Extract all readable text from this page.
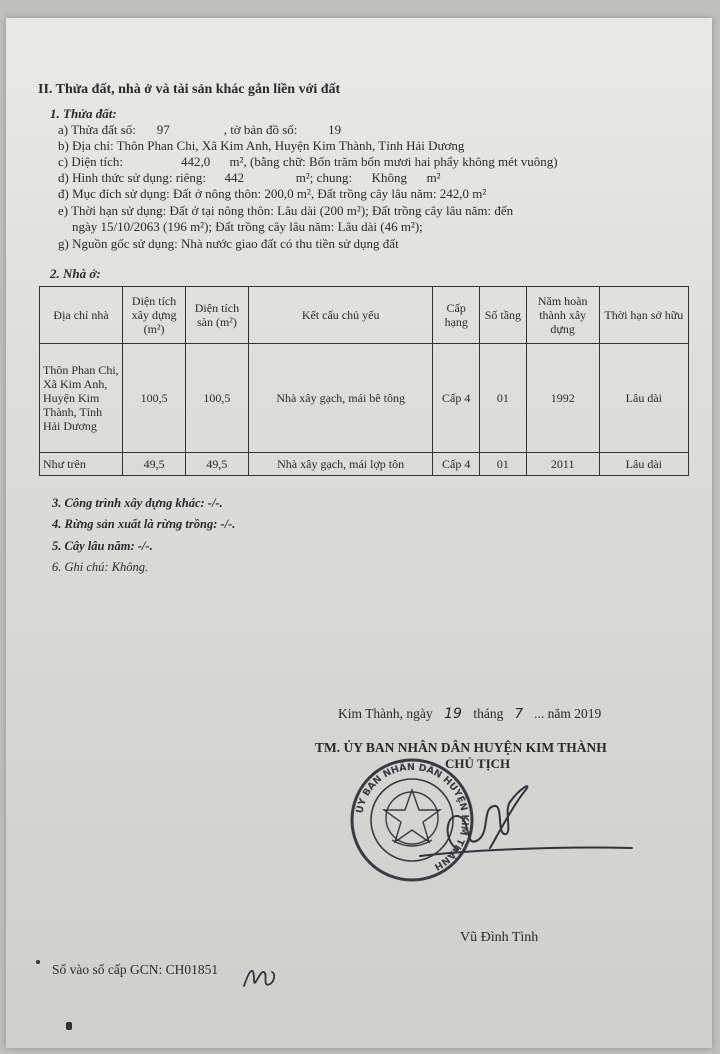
II. Thửa đất, nhà ở và tài sản khác gắn liền với đất
1. Thửa đất:
a) Thửa đất số: 97	, tờ bản đồ số: 19
b) Địa chỉ: Thôn Phan Chi, Xã Kim Anh, Huyện Kim Thành, Tỉnh Hải Dương
c) Diện tích:	442,0 m², (bằng chữ: Bốn trăm bốn mươi hai phẩy không mét vuông)
d) Hình thức sử dụng: riêng: 442	m²; chung: Không m²
đ) Mục đích sử dụng: Đất ở nông thôn: 200,0 m², Đất trồng cây lâu năm: 242,0 m²
e) Thời hạn sử dụng: Đất ở tại nông thôn: Lâu dài (200 m²); Đất trồng cây lâu năm: đến
ngày 15/10/2063 (196 m²); Đất trồng cây lâu năm: Lâu dài (46 m²);
g) Nguồn gốc sử dụng: Nhà nước giao đất có thu tiền sử dụng đất
2. Nhà ở:
Địa chỉ nhà	Diện tích xây dựng (m²)	Diện tích sàn (m²)	Kết cấu chủ yếu	Cấp hạng	Số tầng	Năm hoàn thành xây dựng	Thời hạn sở hữu
Thôn Phan Chi, Xã Kim Anh, Huyện Kim Thành, Tỉnh Hải Dương	100,5	100,5	Nhà xây gạch, mái bê tông	Cấp 4	01	1992	Lâu dài
Như trên	49,5	49,5	Nhà xây gạch, mái lợp tôn	Cấp 4	01	2011	Lâu dài
3. Công trình xây dựng khác: -/-.
4. Rừng sản xuất là rừng trồng: -/-.
5. Cây lâu năm: -/-.
6. Ghi chú: Không.
Kim Thành, ngày 19 tháng 7 ... năm 2019
TM. ỦY BAN NHÂN DÂN HUYỆN KIM THÀNH
CHỦ TỊCH
ỦY BAN NHÂN DÂN HUYỆN KIM THÀNH
Vũ Đình Tình
Số vào sổ cấp GCN: CH01851
